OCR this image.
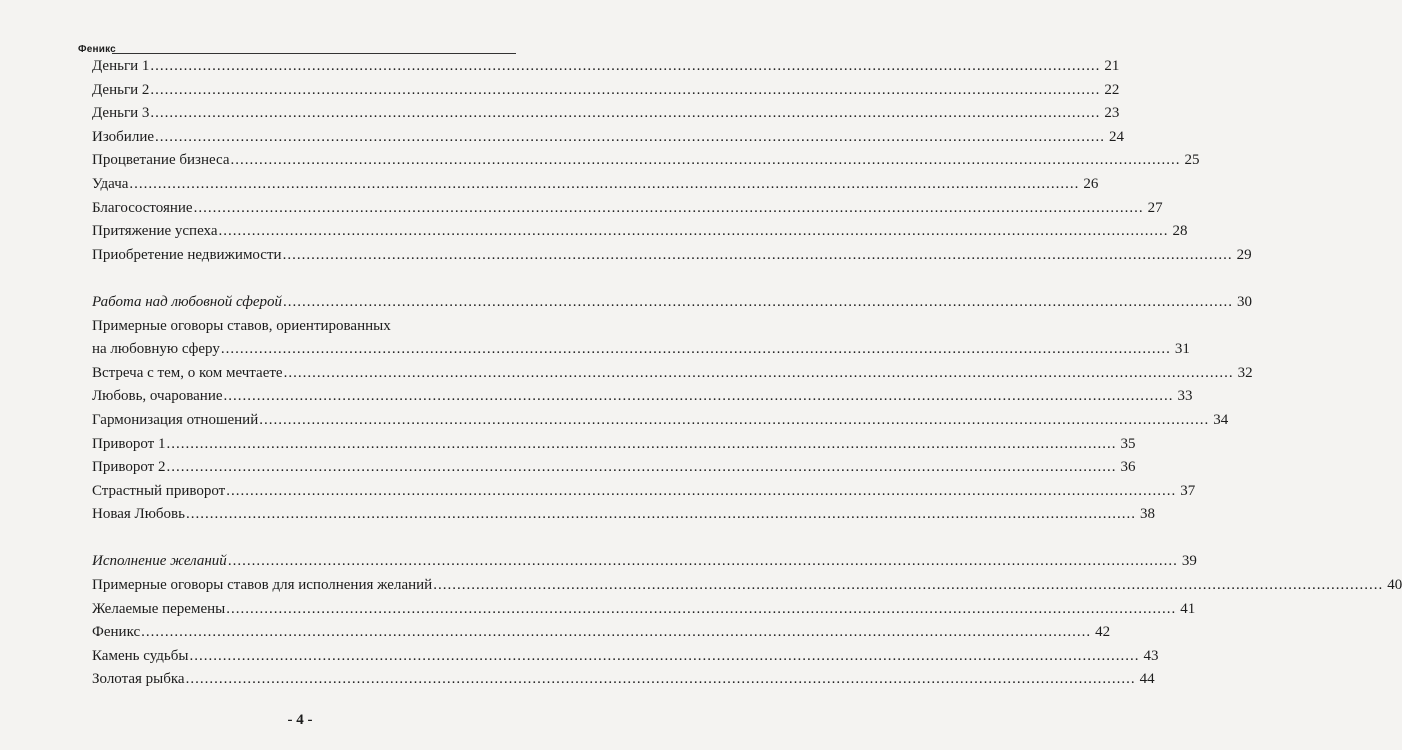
Феникс
Деньги 1 ........................................................................................................................................................................................................ 21
Деньги 2 ........................................................................................................................................................................................................ 22
Деньги 3 ........................................................................................................................................................................................................ 23
Изобилие ........................................................................................................................................................................................................ 24
Процветание бизнеса ........................................................................................................................................................................................................ 25
Удача ........................................................................................................................................................................................................ 26
Благосостояние ........................................................................................................................................................................................................ 27
Притяжение успеха ........................................................................................................................................................................................................ 28
Приобретение недвижимости ........................................................................................................................................................................................................ 29
Работа над любовной сферой ........................................................................................................................................................................................................ 30
Примерные оговоры ставов, ориентированных
на любовную сферу ........................................................................................................................................................................................................ 31
Встреча с тем, о ком мечтаете ........................................................................................................................................................................................................ 32
Любовь, очарование ........................................................................................................................................................................................................ 33
Гармонизация отношений ........................................................................................................................................................................................................ 34
Приворот 1 ........................................................................................................................................................................................................ 35
Приворот 2 ........................................................................................................................................................................................................ 36
Страстный приворот ........................................................................................................................................................................................................ 37
Новая Любовь ........................................................................................................................................................................................................ 38
Исполнение желаний ........................................................................................................................................................................................................ 39
Примерные оговоры ставов для исполнения желаний ........................................................................................................................................................................................................ 40
Желаемые перемены ........................................................................................................................................................................................................ 41
Феникс ........................................................................................................................................................................................................ 42
Камень судьбы ........................................................................................................................................................................................................ 43
Золотая рыбка ........................................................................................................................................................................................................ 44
- 4 -
